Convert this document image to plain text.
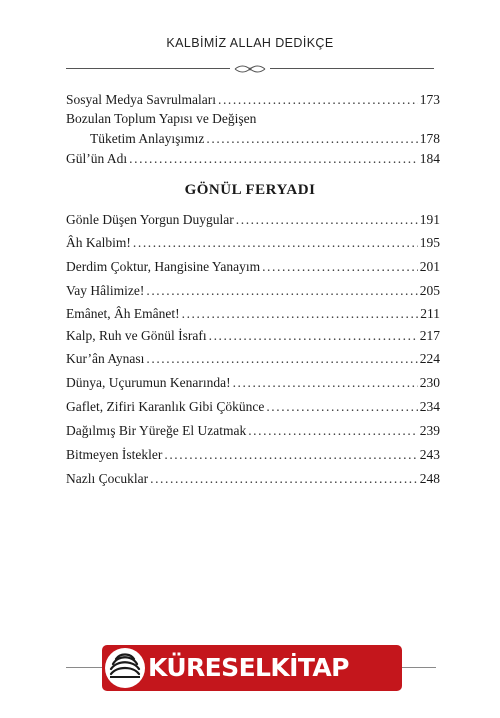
KALBİMİZ ALLAH DEDİKÇE
Sosyal Medya Savrulmaları .....	173
Bozulan Toplum Yapısı ve Değişen
Tüketim Anlayışımız .....	178
Gül’ün Adı .....	184
GÖNÜL FERYADI
Gönle Düşen Yorgun Duygular .....	191
Âh Kalbim! .....	195
Derdim Çoktur, Hangisine Yanayım .....	201
Vay Hâlimize! .....	205
Emânet, Âh Emânet! .....	211
Kalp, Ruh ve Gönül İsrafı .....	217
Kur’ân Aynası .....	224
Dünya, Uçurumun Kenarında! .....	230
Gaflet, Zifiri Karanlık Gibi Çökünce .....	234
Dağılmış Bir Yüreğe El Uzatmak .....	239
Bitmeyen İstekler .....	243
Nazlı Çocuklar .....	248
KÜRESELKİTAP
